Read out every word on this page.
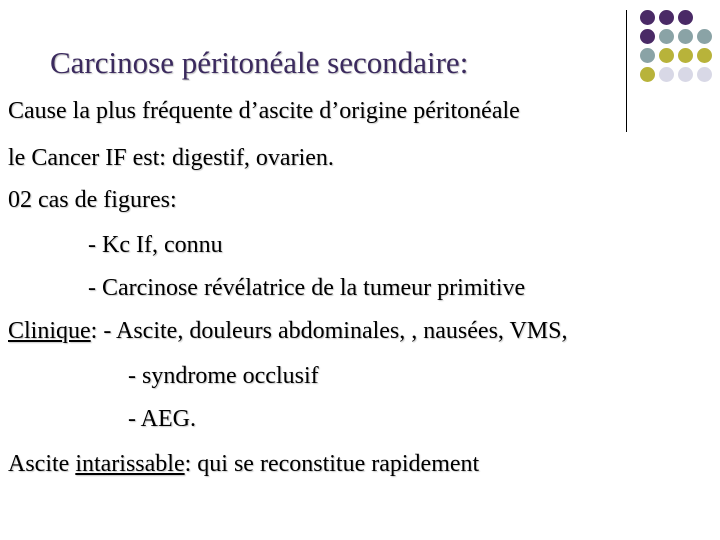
Carcinose péritonéale secondaire:
Cause la plus fréquente d’ascite d’origine péritonéale
le Cancer IF est: digestif, ovarien.
02 cas de figures:
- Kc If, connu
- Carcinose révélatrice de la tumeur primitive
Clinique: - Ascite, douleurs abdominales, , nausées, VMS,
- syndrome occlusif
- AEG.
Ascite intarissable: qui se reconstitue rapidement
